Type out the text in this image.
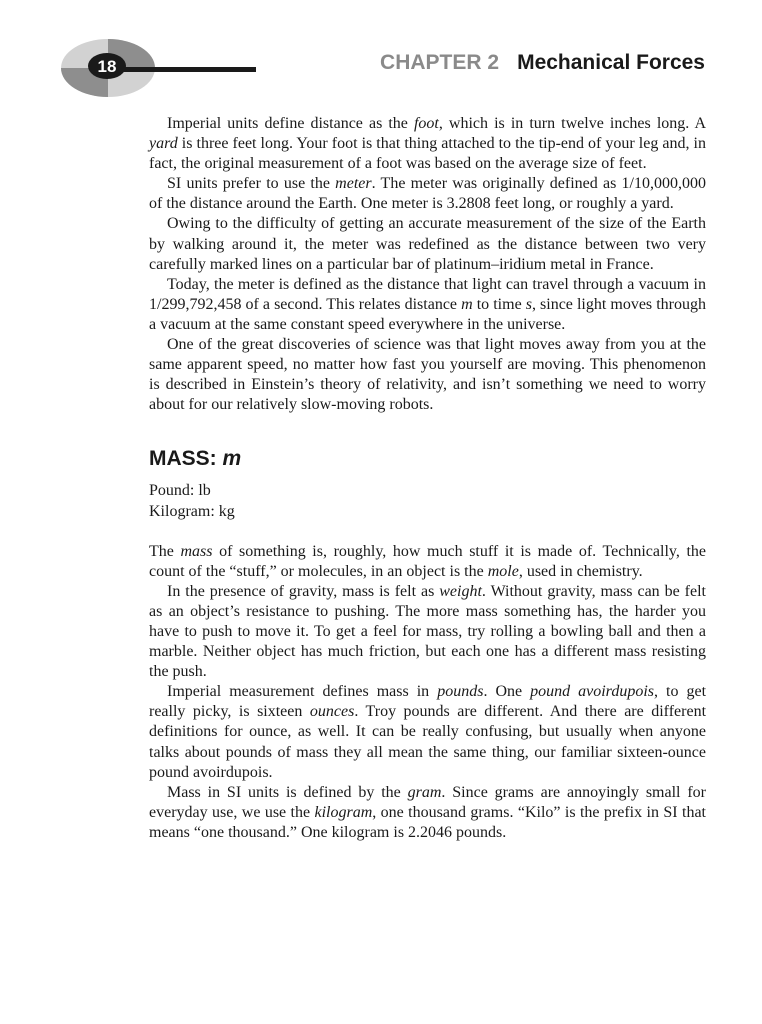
18	CHAPTER 2 Mechanical Forces

Imperial units define distance as the foot, which is in turn twelve inches long. A yard is three feet long. Your foot is that thing attached to the tip-end of your leg and, in fact, the original measurement of a foot was based on the average size of feet.

SI units prefer to use the meter. The meter was originally defined as 1/10,000,000 of the distance around the Earth. One meter is 3.2808 feet long, or roughly a yard.

Owing to the difficulty of getting an accurate measurement of the size of the Earth by walking around it, the meter was redefined as the distance between two very carefully marked lines on a particular bar of platinum–iridium metal in France.

Today, the meter is defined as the distance that light can travel through a vacuum in 1/299,792,458 of a second. This relates distance m to time s, since light moves through a vacuum at the same constant speed everywhere in the universe.

One of the great discoveries of science was that light moves away from you at the same apparent speed, no matter how fast you yourself are moving. This phenomenon is described in Einstein’s theory of relativity, and isn’t something we need to worry about for our relatively slow-moving robots.

MASS: m

Pound: lb

Kilogram: kg

The mass of something is, roughly, how much stuff it is made of. Technically, the count of the “stuff,” or molecules, in an object is the mole, used in chemistry.

In the presence of gravity, mass is felt as weight. Without gravity, mass can be felt as an object’s resistance to pushing. The more mass something has, the harder you have to push to move it. To get a feel for mass, try rolling a bowling ball and then a marble. Neither object has much friction, but each one has a different mass resisting the push.

Imperial measurement defines mass in pounds. One pound avoirdupois, to get really picky, is sixteen ounces. Troy pounds are different. And there are different definitions for ounce, as well. It can be really confusing, but usually when anyone talks about pounds of mass they all mean the same thing, our familiar sixteen-ounce pound avoirdupois.

Mass in SI units is defined by the gram. Since grams are annoyingly small for everyday use, we use the kilogram, one thousand grams. “Kilo” is the prefix in SI that means “one thousand.” One kilogram is 2.2046 pounds.
